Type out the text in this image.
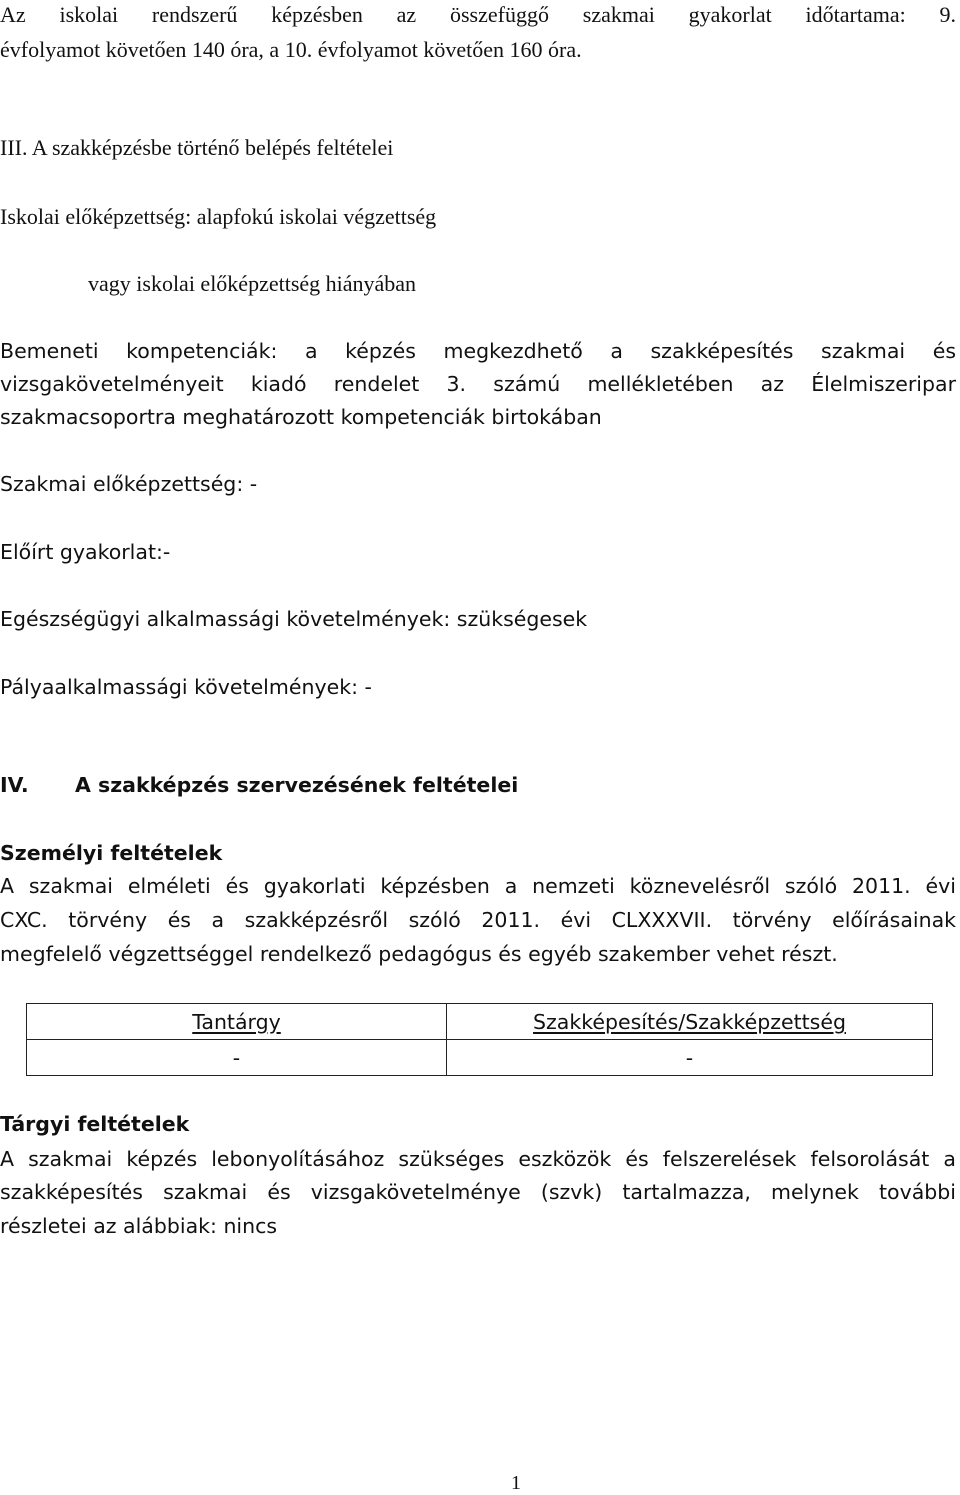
Az iskolai rendszerű képzésben az összefüggő szakmai gyakorlat időtartama: 9.
évfolyamot követően 140 óra, a 10. évfolyamot követően 160 óra.
III. A szakképzésbe történő belépés feltételei
Iskolai előképzettség: alapfokú iskolai végzettség
vagy iskolai előképzettség hiányában
Bemeneti kompetenciák: a képzés megkezdhető a szakképesítés szakmai és
vizsgakövetelményeit kiadó rendelet 3. számú mellékletében az Élelmiszeripar
szakmacsoportra meghatározott kompetenciák birtokában
Szakmai előképzettség: -
Előírt gyakorlat:-
Egészségügyi alkalmassági követelmények: szükségesek
Pályaalkalmassági követelmények: -
IV. A szakképzés szervezésének feltételei
Személyi feltételek
A szakmai elméleti és gyakorlati képzésben a nemzeti köznevelésről szóló 2011. évi
CXC. törvény és a szakképzésről szóló 2011. évi CLXXXVII. törvény előírásainak
megfelelő végzettséggel rendelkező pedagógus és egyéb szakember vehet részt.
Tantárgy	Szakképesítés/Szakképzettség
-	-
Tárgyi feltételek
A szakmai képzés lebonyolításához szükséges eszközök és felszerelések felsorolását a
szakképesítés szakmai és vizsgakövetelménye (szvk) tartalmazza, melynek további
részletei az alábbiak: nincs
1
